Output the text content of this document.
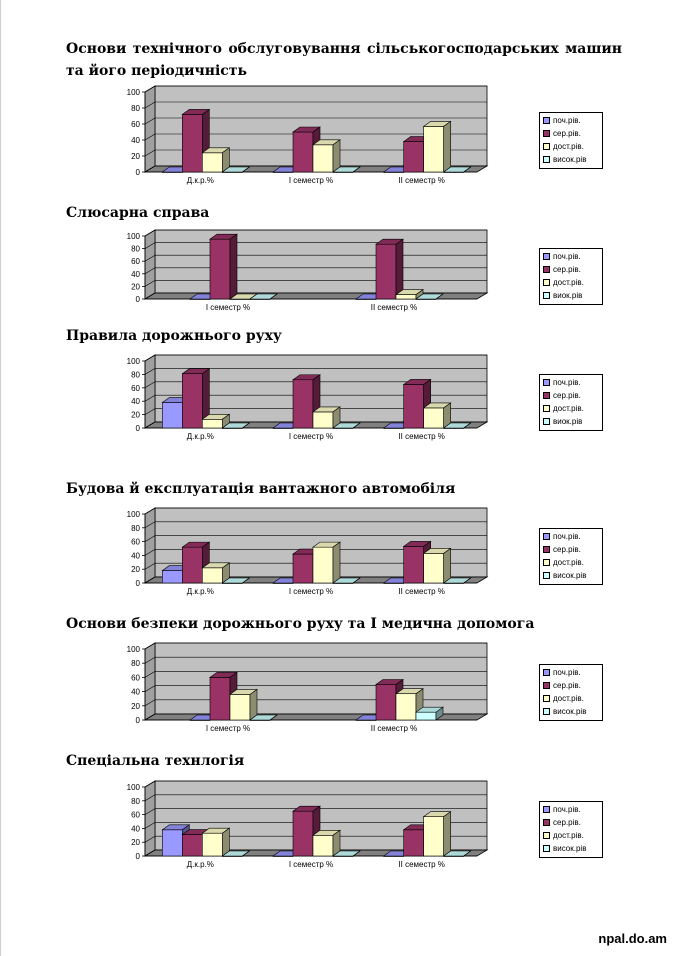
Основи технічного обслуговування сільськогосподарських машин та його періодичність
0
20
40
60
80
100
Д.к.р.%	І семестр %	ІІ семестр %
поч.рів.
сер.рів.
дост.рів.
висок.рів
Слюсарна справа
0
20
40
60
80
100
І семестр %	ІІ семестр %
поч.рів.
сер.рів.
дост.рів.
виок.рів
Правила дорожнього руху
0
20
40
60
80
100
Д.к.р.%	І семестр %	ІІ семестр %
поч.рів.
сер.рів.
дост.рів.
виок.рів
Будова й експлуатація вантажного автомобіля
0
20
40
60
80
100
Д.к.р.%	І семестр %	ІІ семестр %
поч.рів.
сер.рів.
дост.рів.
висок.рів
Основи безпеки дорожнього руху та І медична допомога
0
20
40
60
80
100
І семестр %	ІІ семестр %
поч.рів.
сер.рів.
дост.рів.
висок.рів
Спеціальна технлогія
0
20
40
60
80
100
Д.к.р.%	І семестр %	ІІ семестр %
поч.рів.
сер.рів.
дост.рів.
висок.рів
npal.do.am
